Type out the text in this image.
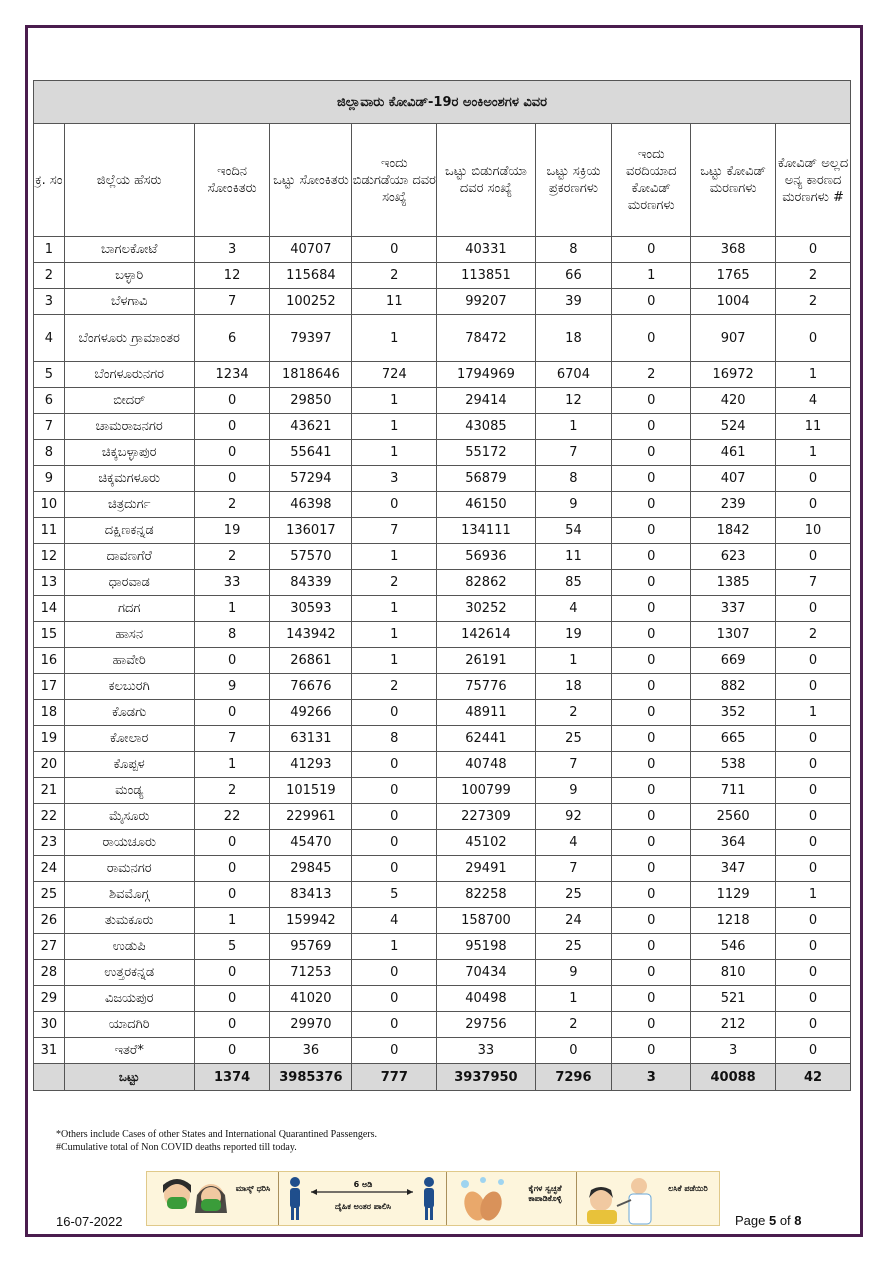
ಜಿಲ್ಲಾವಾರು ಕೋವಿಡ್-19ರ ಅಂಕಿಅಂಶಗಳ ವಿವರ									
ಕ್ರ. ಸಂ	ಜಿಲ್ಲೆಯ ಹೆಸರು	ಇಂದಿನ ಸೋಂಕಿತರು	ಒಟ್ಟು ಸೋಂಕಿತರು	ಇಂದು ಬಿಡುಗಡೆಯಾ ದವರ ಸಂಖ್ಯೆ	ಒಟ್ಟು ಬಿಡುಗಡೆಯಾ ದವರ ಸಂಖ್ಯೆ	ಒಟ್ಟು ಸಕ್ರಿಯ ಪ್ರಕರಣಗಳು	ಇಂದು ವರದಿಯಾದ ಕೋವಿಡ್ ಮರಣಗಳು	ಒಟ್ಟು ಕೋವಿಡ್ ಮರಣಗಳು	ಕೋವಿಡ್ ಅಲ್ಲದ ಅನ್ಯ ಕಾರಣದ ಮರಣಗಳು #
1	ಬಾಗಲಕೋಟೆ	3	40707	0	40331	8	0	368	0
2	ಬಳ್ಳಾರಿ	12	115684	2	113851	66	1	1765	2
3	ಬೆಳಗಾವಿ	7	100252	11	99207	39	0	1004	2
4	ಬೆಂಗಳೂರು ಗ್ರಾಮಾಂತರ	6	79397	1	78472	18	0	907	0
5	ಬೆಂಗಳೂರುನಗರ	1234	1818646	724	1794969	6704	2	16972	1
6	ಬೀದರ್	0	29850	1	29414	12	0	420	4
7	ಚಾಮರಾಜನಗರ	0	43621	1	43085	1	0	524	11
8	ಚಿಕ್ಕಬಳ್ಳಾಪುರ	0	55641	1	55172	7	0	461	1
9	ಚಿಕ್ಕಮಗಳೂರು	0	57294	3	56879	8	0	407	0
10	ಚಿತ್ರದುರ್ಗ	2	46398	0	46150	9	0	239	0
11	ದಕ್ಷಿಣಕನ್ನಡ	19	136017	7	134111	54	0	1842	10
12	ದಾವಣಗೆರೆ	2	57570	1	56936	11	0	623	0
13	ಧಾರವಾಡ	33	84339	2	82862	85	0	1385	7
14	ಗದಗ	1	30593	1	30252	4	0	337	0
15	ಹಾಸನ	8	143942	1	142614	19	0	1307	2
16	ಹಾವೇರಿ	0	26861	1	26191	1	0	669	0
17	ಕಲಬುರಗಿ	9	76676	2	75776	18	0	882	0
18	ಕೊಡಗು	0	49266	0	48911	2	0	352	1
19	ಕೋಲಾರ	7	63131	8	62441	25	0	665	0
20	ಕೊಪ್ಪಳ	1	41293	0	40748	7	0	538	0
21	ಮಂಡ್ಯ	2	101519	0	100799	9	0	711	0
22	ಮೈಸೂರು	22	229961	0	227309	92	0	2560	0
23	ರಾಯಚೂರು	0	45470	0	45102	4	0	364	0
24	ರಾಮನಗರ	0	29845	0	29491	7	0	347	0
25	ಶಿವಮೊಗ್ಗ	0	83413	5	82258	25	0	1129	1
26	ತುಮಕೂರು	1	159942	4	158700	24	0	1218	0
27	ಉಡುಪಿ	5	95769	1	95198	25	0	546	0
28	ಉತ್ತರಕನ್ನಡ	0	71253	0	70434	9	0	810	0
29	ವಿಜಯಪುರ	0	41020	0	40498	1	0	521	0
30	ಯಾದಗಿರಿ	0	29970	0	29756	2	0	212	0
31	ಇತರೆ*	0	36	0	33	0	0	3	0
	ಒಟ್ಟು	1374	3985376	777	3937950	7296	3	40088	42
*Others include Cases of other States and International Quarantined Passengers.
#Cumulative total of Non COVID deaths reported till today.
ಮಾಸ್ಕ್ ಧರಿಸಿ	6 ಅಡಿ
ದೈಹಿಕ ಅಂತರ ಪಾಲಿಸಿ
ಕೈಗಳ ಸ್ವಚ್ಛತೆ ಕಾಪಾಡಿಕೊಳ್ಳಿ
ಲಸಿಕೆ ಪಡೆಯಿರಿ
16-07-2022	Page 5 of 8
